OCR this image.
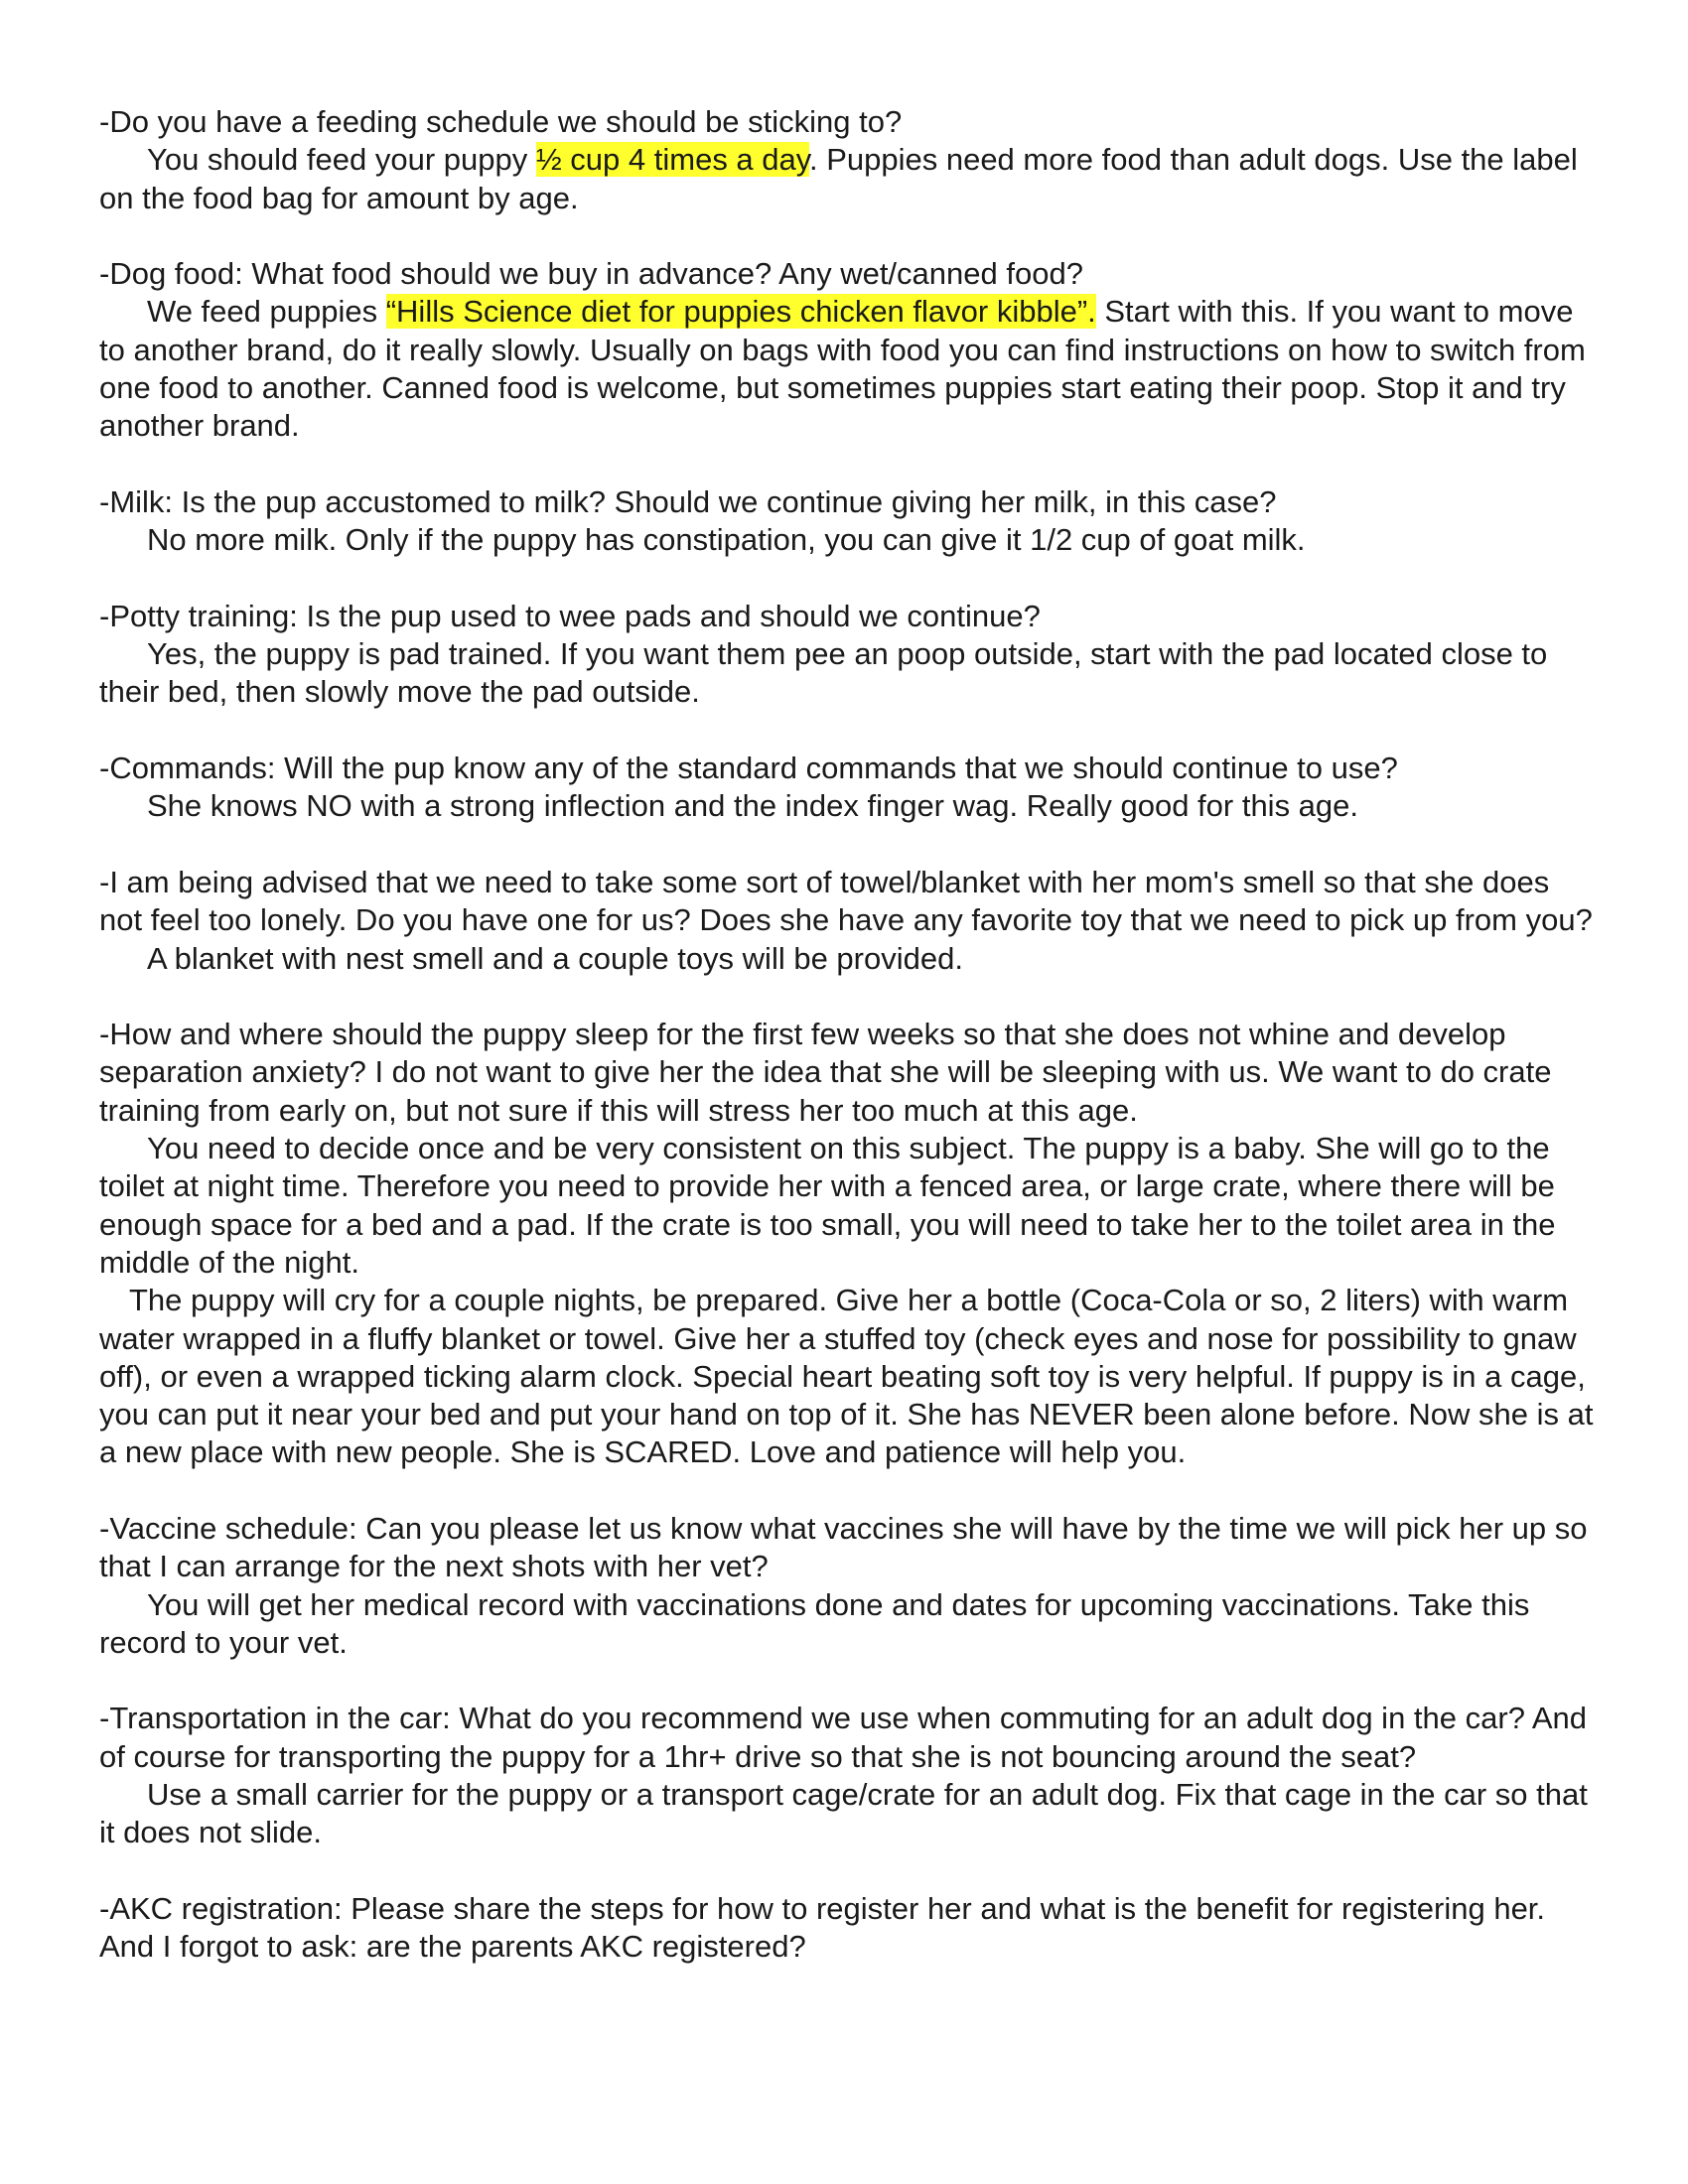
-Do you have a feeding schedule we should be sticking to?

You should feed your puppy ½ cup 4 times a day. Puppies need more food than adult dogs. Use the label on the food bag for amount by age.

-Dog food: What food should we buy in advance? Any wet/canned food?

We feed puppies “Hills Science diet for puppies chicken flavor kibble”. Start with this. If you want to move to another brand, do it really slowly. Usually on bags with food you can find instructions on how to switch from one food to another. Canned food is welcome, but sometimes puppies start eating their poop. Stop it and try another brand.

-Milk: Is the pup accustomed to milk? Should we continue giving her milk, in this case?

No more milk. Only if the puppy has constipation, you can give it 1/2 cup of goat milk.

-Potty training: Is the pup used to wee pads and should we continue?

Yes, the puppy is pad trained. If you want them pee an poop outside, start with the pad located close to their bed, then slowly move the pad outside.

-Commands: Will the pup know any of the standard commands that we should continue to use?

She knows NO with a strong inflection and the index finger wag. Really good for this age.

-I am being advised that we need to take some sort of towel/blanket with her mom's smell so that she does not feel too lonely. Do you have one for us? Does she have any favorite toy that we need to pick up from you?

A blanket with nest smell and a couple toys will be provided.

-How and where should the puppy sleep for the first few weeks so that she does not whine and develop separation anxiety? I do not want to give her the idea that she will be sleeping with us. We want to do crate training from early on, but not sure if this will stress her too much at this age.

You need to decide once and be very consistent on this subject. The puppy is a baby. She will go to the toilet at night time. Therefore you need to provide her with a fenced area, or large crate, where there will be enough space for a bed and a pad. If the crate is too small, you will need to take her to the toilet area in the middle of the night.

The puppy will cry for a couple nights, be prepared. Give her a bottle (Coca-Cola or so, 2 liters) with warm water wrapped in a fluffy blanket or towel. Give her a stuffed toy (check eyes and nose for possibility to gnaw off), or even a wrapped ticking alarm clock. Special heart beating soft toy is very helpful. If puppy is in a cage, you can put it near your bed and put your hand on top of it. She has NEVER been alone before. Now she is at a new place with new people. She is SCARED. Love and patience will help you.

-Vaccine schedule: Can you please let us know what vaccines she will have by the time we will pick her up so that I can arrange for the next shots with her vet?

You will get her medical record with vaccinations done and dates for upcoming vaccinations. Take this record to your vet.

-Transportation in the car: What do you recommend we use when commuting for an adult dog in the car? And of course for transporting the puppy for a 1hr+ drive so that she is not bouncing around the seat?

Use a small carrier for the puppy or a transport cage/crate for an adult dog. Fix that cage in the car so that it does not slide.

-AKC registration: Please share the steps for how to register her and what is the benefit for registering her. And I forgot to ask: are the parents AKC registered?
